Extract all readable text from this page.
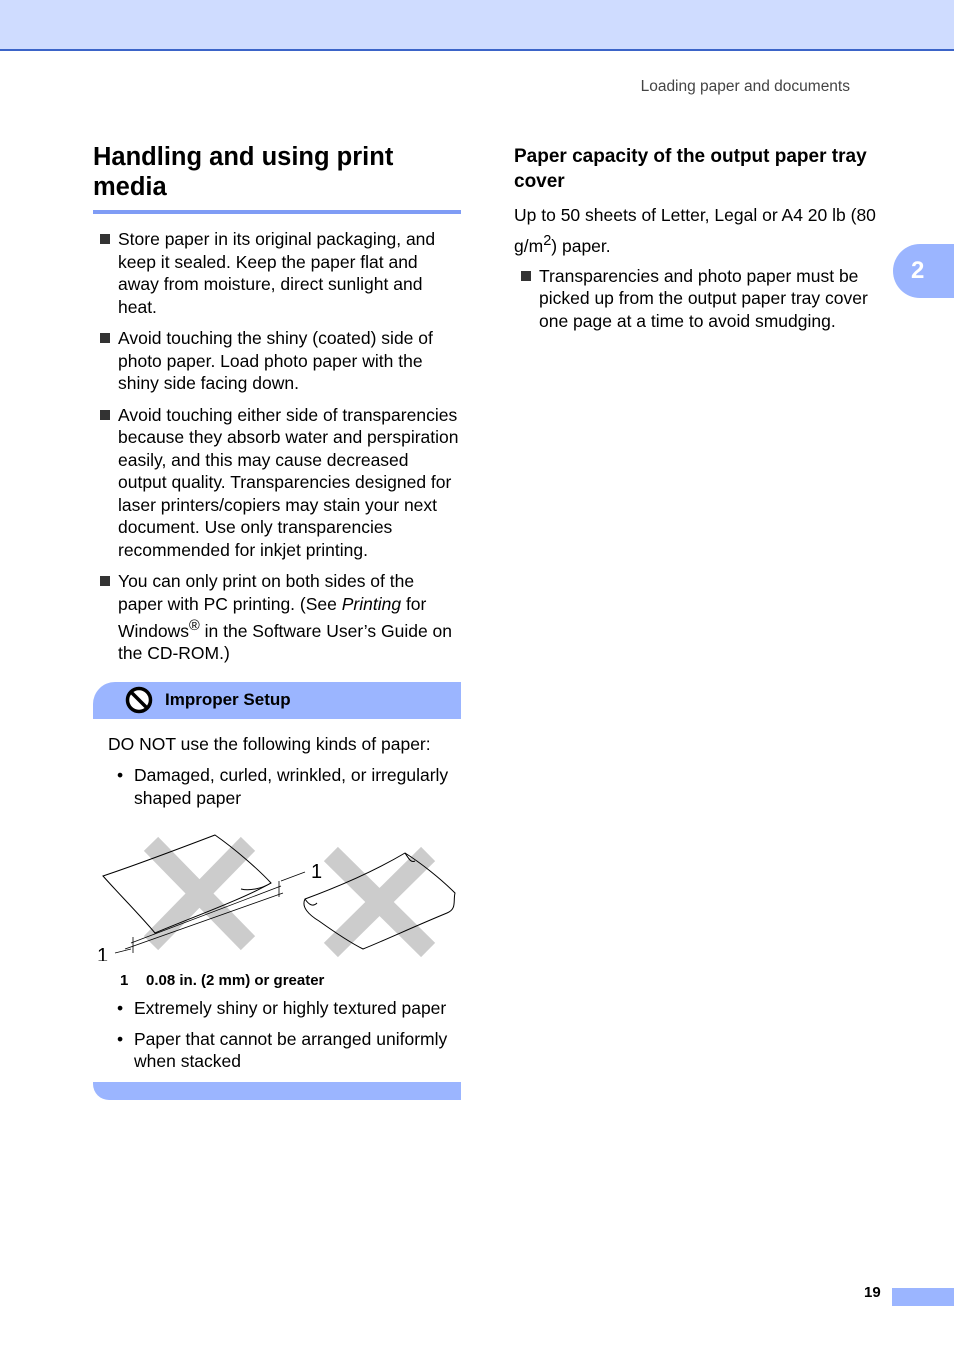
Loading paper and documents
2
Handling and using print media
Store paper in its original packaging, and keep it sealed. Keep the paper flat and away from moisture, direct sunlight and heat.
Avoid touching the shiny (coated) side of photo paper. Load photo paper with the shiny side facing down.
Avoid touching either side of transparencies because they absorb water and perspiration easily, and this may cause decreased output quality. Transparencies designed for laser printers/copiers may stain your next document. Use only transparencies recommended for inkjet printing.
You can only print on both sides of the paper with PC printing. (See Printing for Windows® in the Software User’s Guide on the CD-ROM.)
Improper Setup

DO NOT use the following kinds of paper:

• Damaged, curled, wrinkled, or irregularly shaped paper
1
1
1 0.08 in. (2 mm) or greater
• Extremely shiny or highly textured paper
• Paper that cannot be arranged uniformly when stacked
Paper capacity of the output paper tray cover

Up to 50 sheets of Letter, Legal or A4 20 lb (80 $g/m^2$) paper.

Transparencies and photo paper must be picked up from the output paper tray cover one page at a time to avoid smudging.
19
